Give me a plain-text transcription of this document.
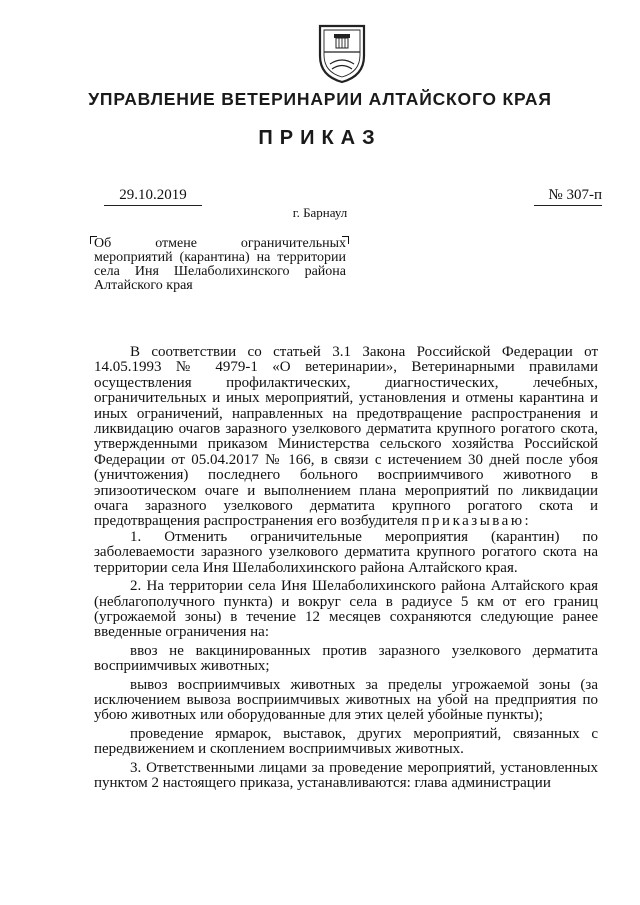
УПРАВЛЕНИЕ ВЕТЕРИНАРИИ АЛТАЙСКОГО КРАЯ
ПРИКАЗ
29.10.2019	№ 307-п
г. Барнаул

Об отмене ограничительных мероприятий (карантина) на территории села Иня Шелаболихинского района Алтайского края

В соответствии со статьей 3.1 Закона Российской Федерации от 14.05.1993 № 4979-1 «О ветеринарии», Ветеринарными правилами осуществления профилактических, диагностических, лечебных, ограничительных и иных мероприятий, установления и отмены карантина и иных ограничений, направленных на предотвращение распространения и ликвидацию очагов заразного узелкового дерматита крупного рогатого скота, утвержденными приказом Министерства сельского хозяйства Российской Федерации от 05.04.2017 № 166, в связи с истечением 30 дней после убоя (уничтожения) последнего больного восприимчивого животного в эпизоотическом очаге и выполнением плана мероприятий по ликвидации очага заразного узелкового дерматита крупного рогатого скота и предотвращения распространения его возбудителя приказываю:

1. Отменить ограничительные мероприятия (карантин) по заболеваемости заразного узелкового дерматита крупного рогатого скота на территории села Иня Шелаболихинского района Алтайского края.

2. На территории села Иня Шелаболихинского района Алтайского края (неблагополучного пункта) и вокруг села в радиусе 5 км от его границ (угрожаемой зоны) в течение 12 месяцев сохраняются следующие ранее введенные ограничения на:

ввоз не вакцинированных против заразного узелкового дерматита восприимчивых животных;

вывоз восприимчивых животных за пределы угрожаемой зоны (за исключением вывоза восприимчивых животных на убой на предприятия по убою животных или оборудованные для этих целей убойные пункты);

проведение ярмарок, выставок, других мероприятий, связанных с передвижением и скоплением восприимчивых животных.

3. Ответственными лицами за проведение мероприятий, установленных пунктом 2 настоящего приказа, устанавливаются: глава администрации
